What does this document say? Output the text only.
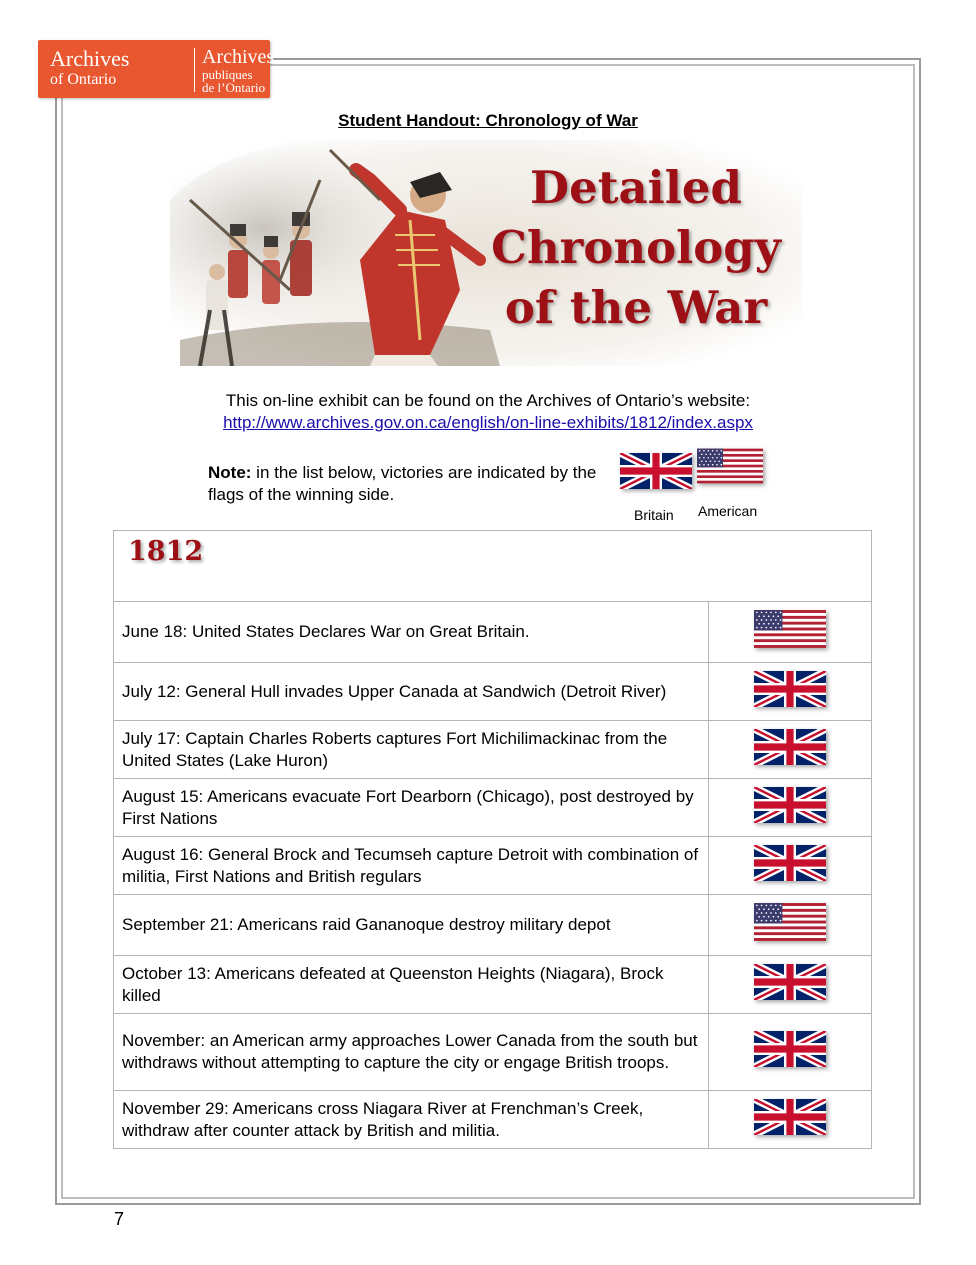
Archives
of Ontario
Archives
publiques
de l’Ontario
Student Handout: Chronology of War
Detailed
Chronology
of the War
This on-line exhibit can be found on the Archives of Ontario’s website:
http://www.archives.gov.on.ca/english/on-line-exhibits/1812/index.aspx
Note: in the list below, victories are indicated by the flags of the winning side.
Britain American
1812	
June 18: United States Declares War on Great Britain.	

July 12: General Hull invades Upper Canada at Sandwich (Detroit River)	

July 17: Captain Charles Roberts captures Fort Michilimackinac from the United States (Lake Huron)	

August 15: Americans evacuate Fort Dearborn (Chicago), post destroyed by First Nations	

August 16: General Brock and Tecumseh capture Detroit with combination of militia, First Nations and British regulars	

September 21: Americans raid Gananoque destroy military depot	

October 13: Americans defeated at Queenston Heights (Niagara), Brock killed	

November: an American army approaches Lower Canada from the south but withdraws without attempting to capture the city or engage British troops.	

November 29: Americans cross Niagara River at Frenchman’s Creek, withdraw after counter attack by British and militia.	
7
